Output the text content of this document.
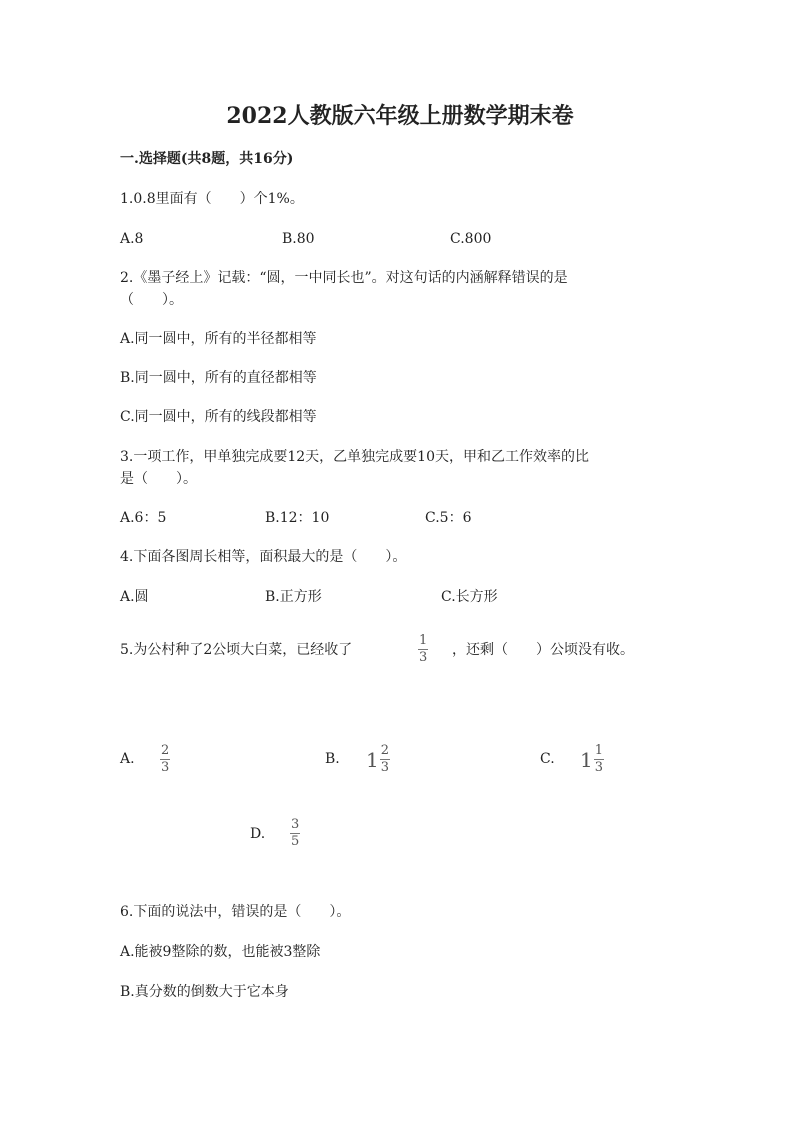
2022人教版六年级上册数学期末卷
一.选择题(共8题，共16分)
1.0.8里面有（　　）个1%。
A.8	B.80	C.800
2.《墨子经上》记载：“圆，一中同长也”。对这句话的内涵解释错误的是
（　　）。
A.同一圆中，所有的半径都相等
B.同一圆中，所有的直径都相等
C.同一圆中，所有的线段都相等
3.一项工作，甲单独完成要12天，乙单独完成要10天，甲和乙工作效率的比
是（　　）。
A.6：5	B.12：10	C.5：6
4.下面各图周长相等，面积最大的是（　　）。
A.圆	B.正方形	C.长方形
5.为公村种了2公顷大白菜，已经收了
1
3 ，还剩（　　）公顷没有收。
A.
2
3
B. $1 \frac{2}{3}$	C. $1 \frac{1}{3}$
D.
3
5
6.下面的说法中，错误的是（　　）。
A.能被9整除的数，也能被3整除
B.真分数的倒数大于它本身
